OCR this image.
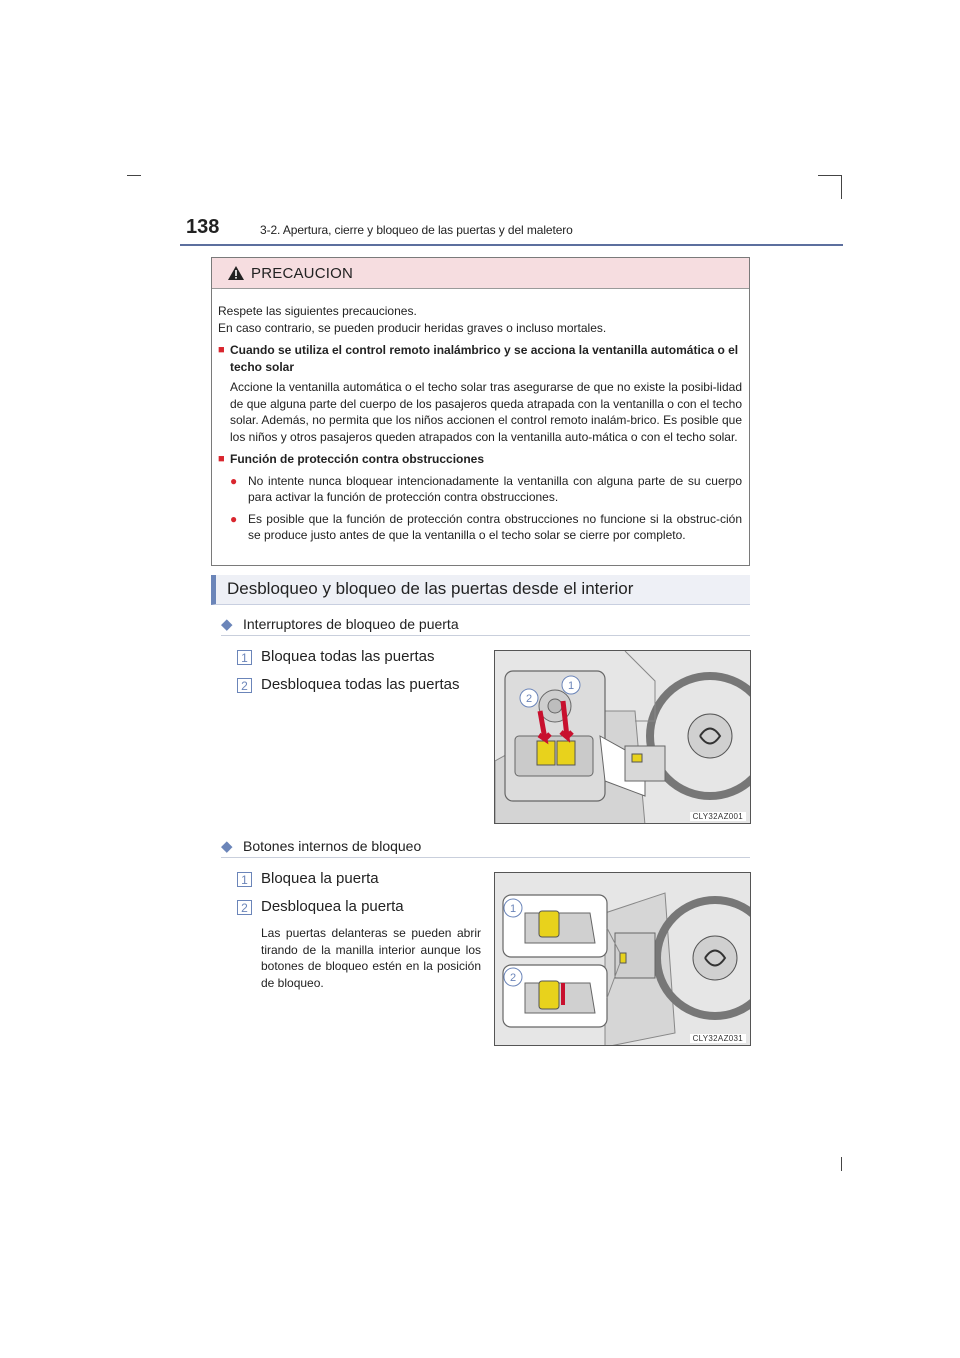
138	3-2. Apertura, cierre y bloqueo de las puertas y del maletero
PRECAUCION

Respete las siguientes precauciones.

En caso contrario, se pueden producir heridas graves o incluso mortales.

■ Cuando se utiliza el control remoto inalámbrico y se acciona la ventanilla automática o el techo solar

Accione la ventanilla automática o el techo solar tras asegurarse de que no existe la posibi-lidad de que alguna parte del cuerpo de los pasajeros queda atrapada con la ventanilla o con el techo solar. Además, no permita que los niños accionen el control remoto inalám-brico. Es posible que los niños y otros pasajeros queden atrapados con la ventanilla auto-mática o con el techo solar.

■ Función de protección contra obstrucciones
● No intente nunca bloquear intencionadamente la ventanilla con alguna parte de su cuerpo para activar la función de protección contra obstrucciones.
● Es posible que la función de protección contra obstrucciones no funcione si la obstruc-ción se produce justo antes de que la ventanilla o el techo solar se cierre por completo.
Desbloqueo y bloqueo de las puertas desde el interior
◆ Interruptores de bloqueo de puerta
1 Bloquea todas las puertas
2 Desbloquea todas las puertas
2
1
CLY32AZ001
◆ Botones internos de bloqueo
1 Bloquea la puerta
2 Desbloquea la puerta
Las puertas delanteras se pueden abrir tirando de la manilla interior aunque los botones de bloqueo estén en la posición de bloqueo.
1
2
CLY32AZ031
